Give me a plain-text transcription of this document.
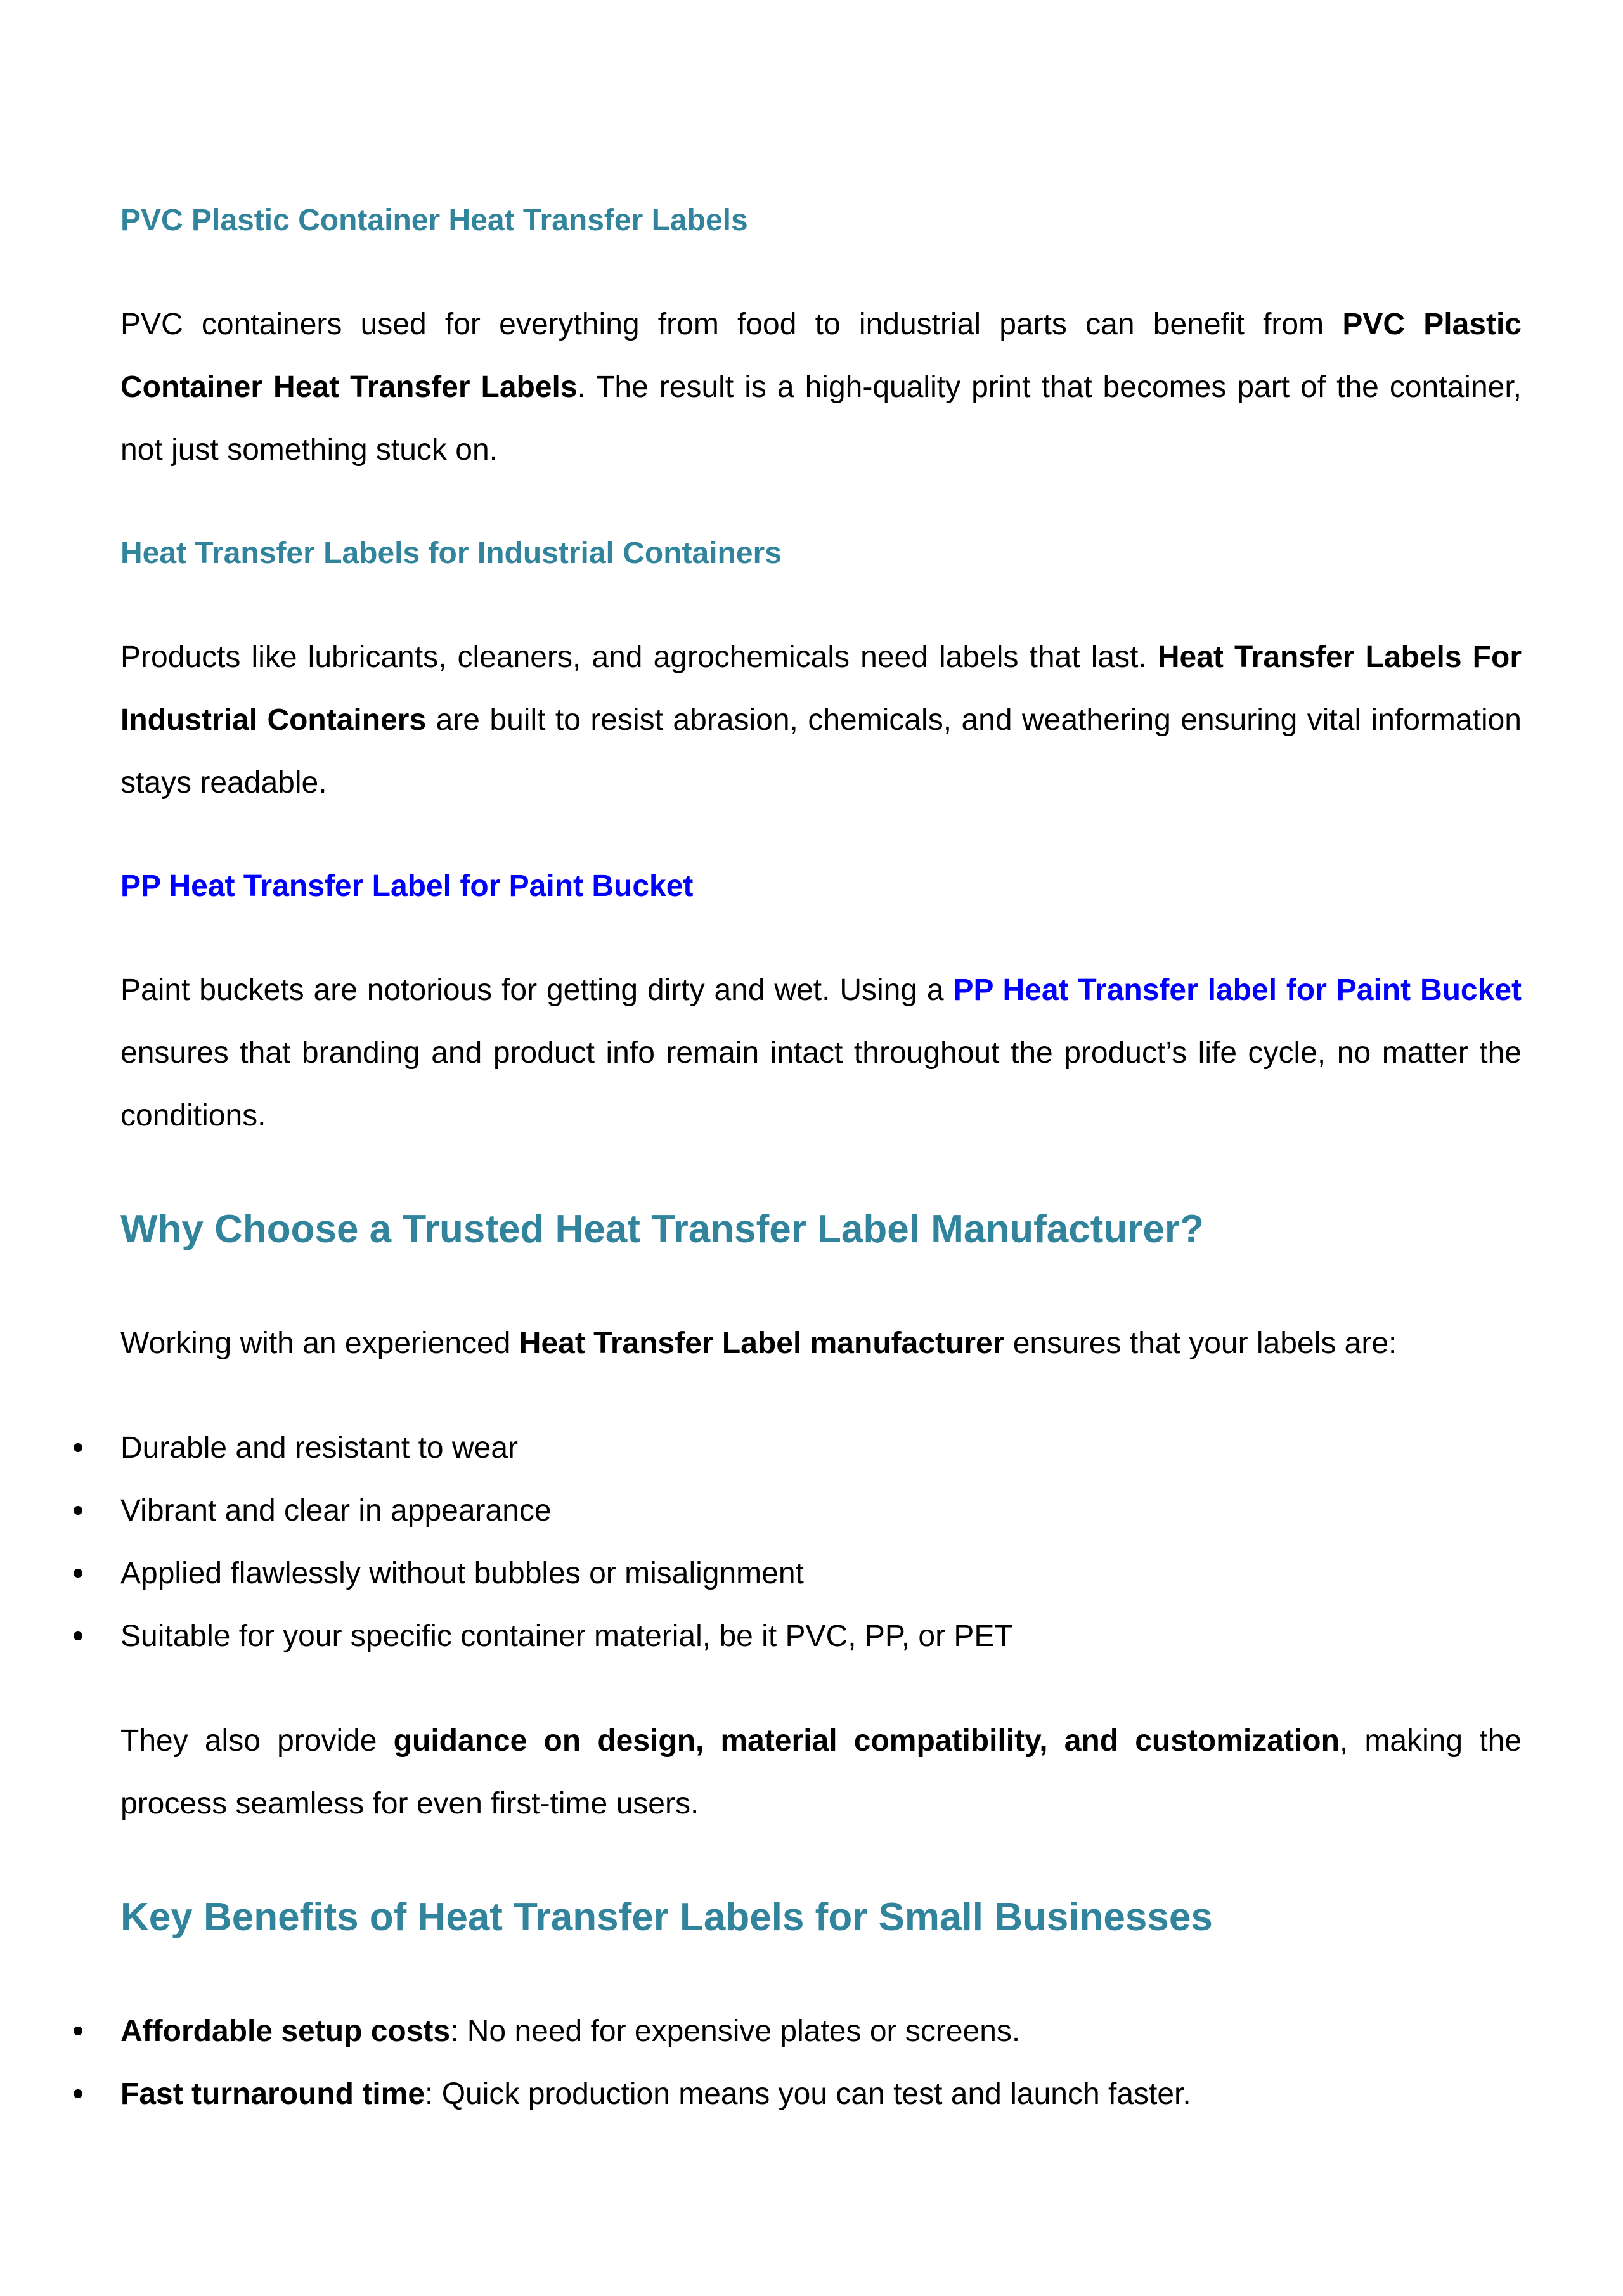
PVC Plastic Container Heat Transfer Labels

PVC containers used for everything from food to industrial parts can benefit from PVC Plastic Container Heat Transfer Labels. The result is a high-quality print that becomes part of the container, not just something stuck on.

Heat Transfer Labels for Industrial Containers

Products like lubricants, cleaners, and agrochemicals need labels that last. Heat Transfer Labels For Industrial Containers are built to resist abrasion, chemicals, and weathering ensuring vital information stays readable.

PP Heat Transfer Label for Paint Bucket

Paint buckets are notorious for getting dirty and wet. Using a PP Heat Transfer label for Paint Bucket ensures that branding and product info remain intact throughout the product’s life cycle, no matter the conditions.

Why Choose a Trusted Heat Transfer Label Manufacturer?

Working with an experienced Heat Transfer Label manufacturer ensures that your labels are:

Durable and resistant to wear
Vibrant and clear in appearance
Applied flawlessly without bubbles or misalignment
Suitable for your specific container material, be it PVC, PP, or PET

They also provide guidance on design, material compatibility, and customization, making the process seamless for even first-time users.

Key Benefits of Heat Transfer Labels for Small Businesses
Affordable setup costs: No need for expensive plates or screens.
Fast turnaround time: Quick production means you can test and launch faster.
